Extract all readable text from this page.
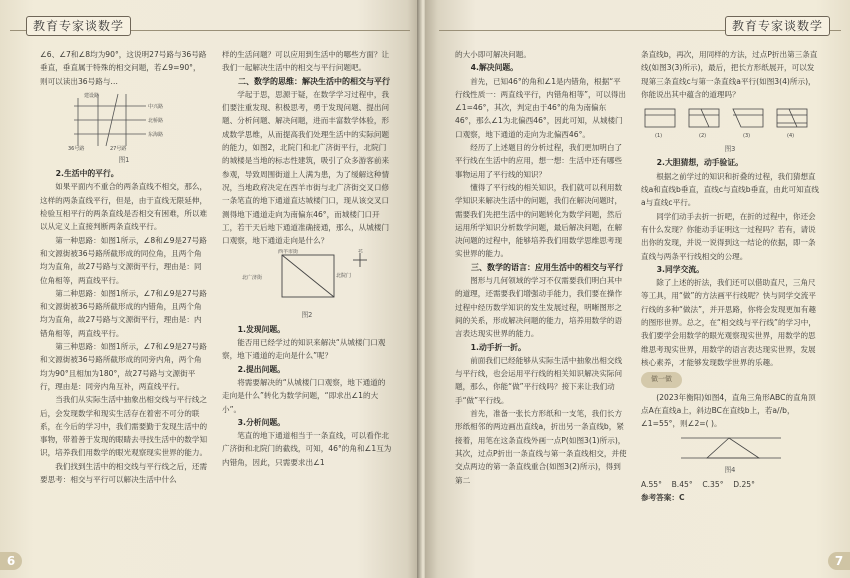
教育专家谈数学

∠6、∠7和∠8均为90°，这说明27号路与36号路垂直，垂直属于特殊的相交问题，若∠9=90°，则可以读出36号路与…

建设路
中兴路
北桥路
东海路
36号路	27号路

图1

2.生活中的平行。

如果平面内不重合的两条直线不相交，那么，这样的两条直线平行，但是，由于直线无限延伸，检验互相平行的两条直线是否相交有困难，所以难以从定义上直接判断两条直线平行。

第一种思路：如图1所示，∠8和∠9是27号路和文源街被36号路所截形成的同位角，且两个角均为直角，故27号路与文源街平行，理由是：同位角相等，两直线平行。

第二种思路：如图1所示，∠7和∠9是27号路和文源街被36号路所截形成的内错角，且两个角均为直角，故27号路与文源街平行，理由是：内错角相等，两直线平行。

第三种思路：如图1所示，∠7和∠9是27号路和文源街被36号路所截形成的同旁内角，两个角均为90°且相加为180°，故27号路与文源街平行，理由是：同旁内角互补，两直线平行。

当我们从实际生活中抽象出相交线与平行线之后，会发现数学和现实生活存在着密不可分的联系，在今后的学习中，我们需要勤于发现生活中的事物，带着善于发现的眼睛去寻找生活中的数学知识，培养我们用数学的眼光观察现实世界的能力。

我们找到生活中的相交线与平行线之后，还需要思考：相交与平行可以解决生活中什么

样的生活问题？可以应用到生活中的哪些方面？让我们一起解决生活中的相交与平行问题吧。

二、数学的思维：解决生活中的相交与平行

学起于思，思源于疑，在数学学习过程中，我们要注重发现、积极思考，勇于发现问题、提出问题、分析问题、解决问题，进而丰富数学体验，形成数学思维，从而提高我们处理生活中的实际问题的能力，如图2，北院门和北广济街平行，北院门的城楼是当地的标志性建筑，吸引了众多游客前来参观，导致周围街道上人满为患，为了缓解这种情况，当地政府决定在西羊市街与北广济街交叉口修一条笔直的地下通道直达城楼门口，现从该交叉口测得地下通道走向为南偏东46°，而城楼门口开工，若干天后地下通道准确接通，那么，从城楼门口观察，地下通道走向是什么？

西羊市街
北院门
北广济街
北

图2

1.发现问题。

能否用已经学过的知识来解决“从城楼门口观察，地下通道的走向是什么”呢？

2.提出问题。

将需要解决的“从城楼门口观察，地下通道的走向是什么”转化为数学问题，“即求出∠1的大小”。

3.分析问题。

笔直的地下通道相当于一条直线，可以看作北广济街和北院门的截线，可知，46°的角和∠1互为内错角，因此，只需要求出∠1

6
教育专家谈数学

的大小即可解决问题。

4.解决问题。

首先，已知46°的角和∠1是内错角，根据“平行线性质一：两直线平行，内错角相等”，可以得出∠1=46°，其次，判定由于46°的角为南偏东46°，那么∠1为北偏西46°，因此可知，从城楼门口观察，地下通道的走向为北偏西46°。

经历了上述题目的分析过程，我们更加明白了平行线在生活中的应用，想一想：生活中还有哪些事物运用了平行线的知识？

懂得了平行线的相关知识，我们就可以利用数学知识来解决生活中的问题，我们在解决问题时，需要我们先把生活中的问题转化为数学问题，然后运用所学知识分析数学问题，最后解决问题，在解决问题的过程中，能够培养我们用数学思维思考现实世界的能力。

三、数学的语言：应用生活中的相交与平行

图形与几何领域的学习不仅需要我们明白其中的道理，还需要我们增强动手能力，我们要在操作过程中经历数学知识的发生发展过程，明晰图形之间的关系，形成解决问题的能力，培养用数学的语言表达现实世界的能力。

1.动手折一折。

前面我们已经能够从实际生活中抽象出相交线与平行线，也会运用平行线的相关知识解决实际问题，那么，你能“做”平行线吗？接下来让我们动手“做”平行线。

首先，准备一张长方形纸和一支笔，我们长方形纸相邻的两边画出直线a，折出另一条直线b，紧接着，用笔在这条直线外画一点P(如图3(1)所示)，其次，过点P折出一条直线与第一条直线相交，并使交点两边的第一条直线重合(如图3(2)所示)，得到第二

条直线b，再次，用同样的方法，过点P折出第三条直线(如图3(3)所示)，最后，把长方形纸展开，可以发现第三条直线c与第一条直线a平行(如图3(4)所示)，你能说出其中蕴含的道理吗？

(1)	(2)	(3)	(4)

图3

2.大胆猜想，动手验证。

根据之前学过的知识和折叠的过程，我们猜想直线a和直线b垂直，直线c与直线b垂直，由此可知直线a与直线c平行。

同学们动手去折一折吧，在折的过程中，你还会有什么发现？你能动手证明这一过程吗？若有，请说出你的发现，并说一说得到这一结论的依据，即一条直线与两条平行线相交的公理。

3.同学交流。

除了上述的折法，我们还可以借助直尺，三角尺等工具，用“做”的方法画平行线呢？快与同学交流平行线的多种“做法”，并开思路，你将会发现更加有趣的图形世界。总之，在“相交线与平行线”的学习中，我们要学会用数学的眼光观察现实世界，用数学的思维思考现实世界，用数学的语言表达现实世界，发展核心素养，才能够发现数学世界的乐趣。

做一做

(2023年衡阳)如图4，直角三角形ABC的直角顶点A在直线a上，斜边BC在直线b上，若a//b，∠1=55°，则∠2=( )。

图4

A.55° B.45° C.35° D.25°

参考答案：C

7
